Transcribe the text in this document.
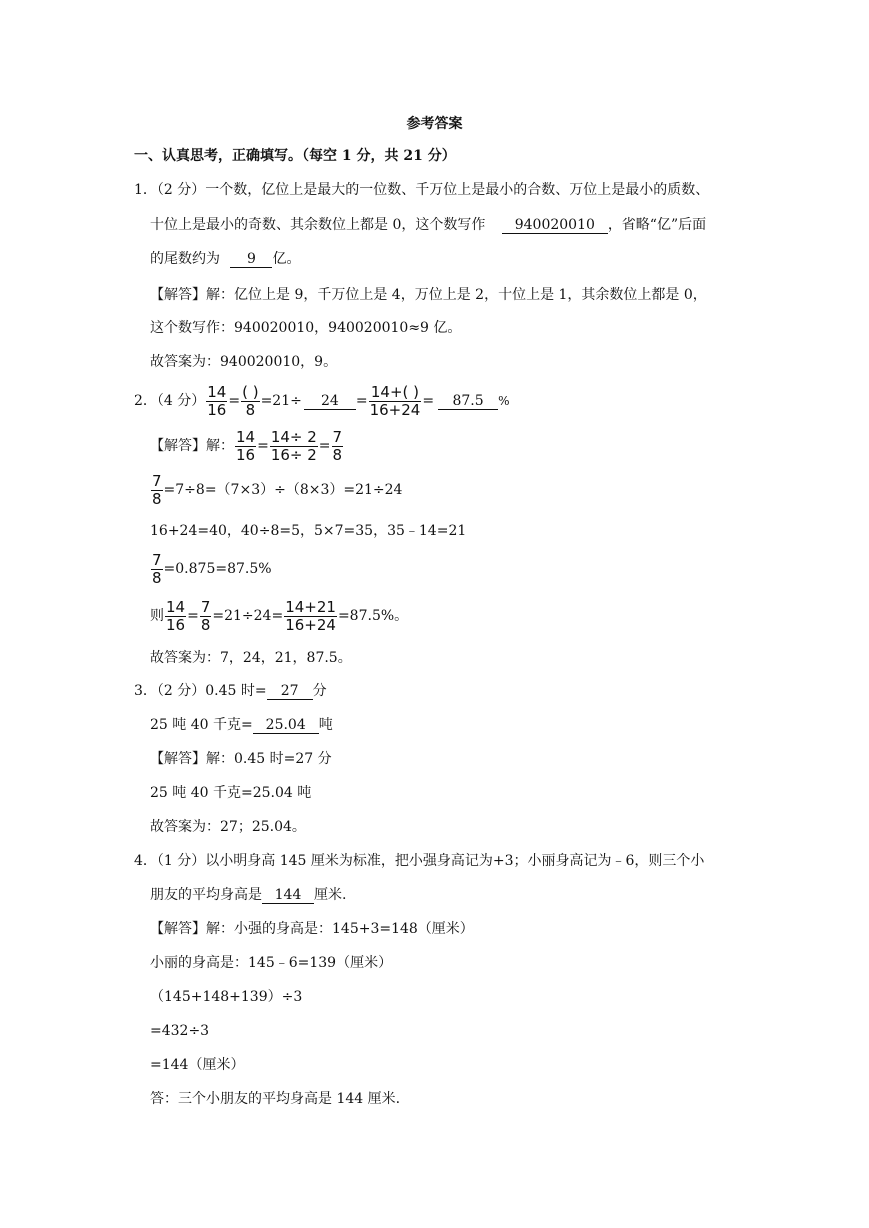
参考答案
一、认真思考，正确填写。（每空 1 分，共 21 分）
1．（2 分）一个数，亿位上是最大的一位数、千万位上是最小的合数、万位上是最小的质数、
十位上是最小的奇数、其余数位上都是 0，这个数写作 940020010 ，省略“亿”后面
的尾数约为 9 亿。
【解答】解：亿位上是 9，千万位上是 4，万位上是 2，十位上是 1，其余数位上都是 0，
这个数写作：940020010，940020010≈9 亿。
故答案为：940020010，9。
2．（4 分） $\frac{14}{16} = \frac{( )}{8} =21\div 24 = \frac{14+( )}{16+24} = 87.5$ %
【解答】解： $\frac{14}{16} = \frac{14\div 2}{16\div 2} = \frac{7}{8}$
$\frac{7}{8} =7\div 8=(7\times 3)\div(8\times 3)=21\div 24$
16+24=40，40÷8=5，5×7=35，35﹣14=21
$\frac{7}{8} =0.875=87.5\%$
则 $\frac{14}{16} = \frac{7}{8} =21\div 24= \frac{14+21}{16+24} =87.5\%$。
故答案为：7，24，21，87.5。
3．（2 分）0.45 时= 27 分
25 吨 40 千克= 25.04 吨
【解答】解：0.45 时=27 分
25 吨 40 千克=25.04 吨
故答案为：27；25.04。
4．（1 分）以小明身高 145 厘米为标准，把小强身高记为+3；小丽身高记为﹣6，则三个小
朋友的平均身高是 144 厘米.
【解答】解：小强的身高是：145+3=148（厘米）
小丽的身高是：145﹣6=139（厘米）
（145+148+139）÷3
=432÷3
=144（厘米）
答：三个小朋友的平均身高是 144 厘米.
